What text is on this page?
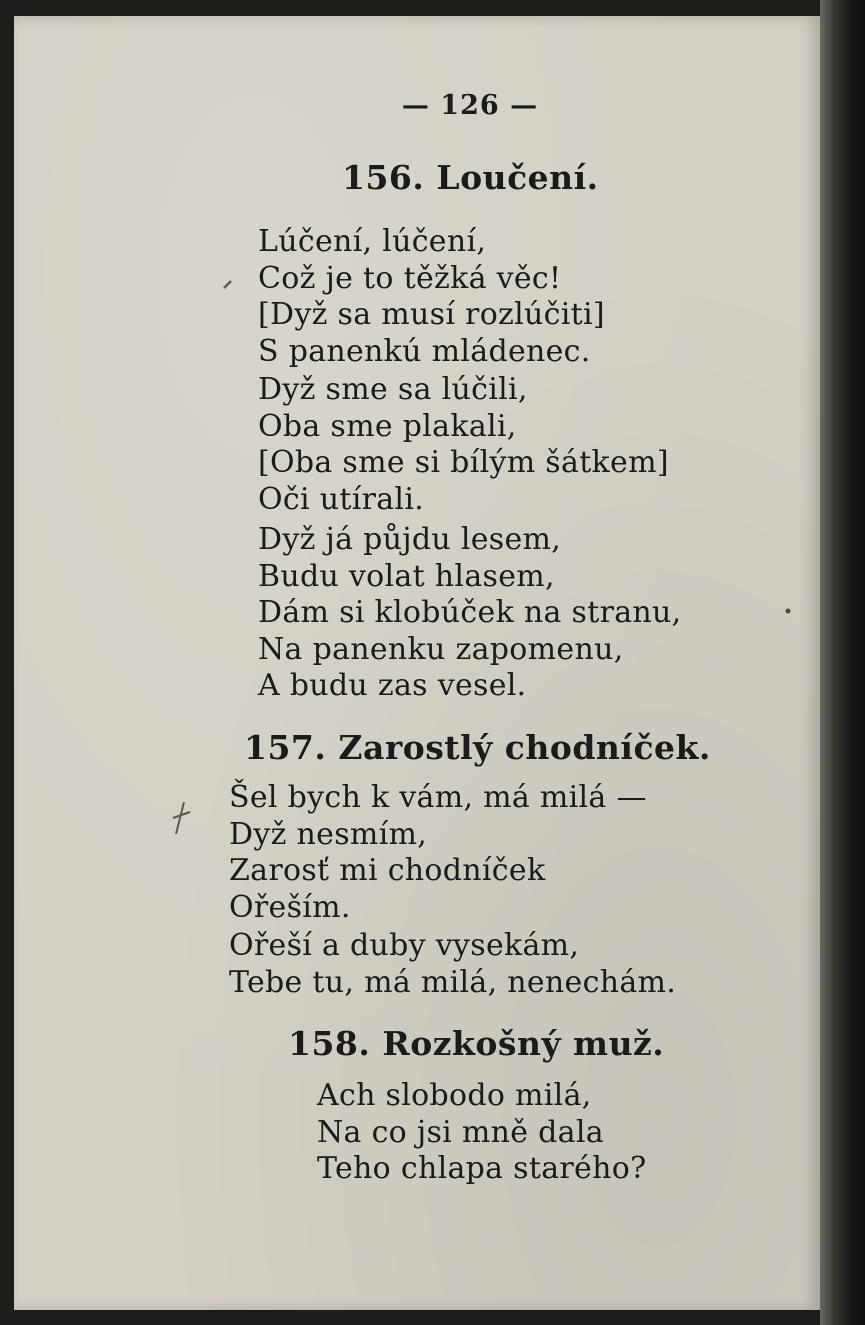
— 126 —

156. Loučení.

Lúčení, lúčení,
Což je to těžká věc!
[Dyž sa musí rozlúčiti]
S panenkú mládenec.
Dyž sme sa lúčili,
Oba sme plakali,
[Oba sme si bílým šátkem]
Oči utírali.
Dyž já půjdu lesem,
Budu volat hlasem,
Dám si klobúček na stranu,
Na panenku zapomenu,
A budu zas vesel.

157. Zarostlý chodníček.

Šel bych k vám, má milá —
Dyž nesmím,
Zarosť mi chodníček
Ořeším.
Ořeší a duby vysekám,
Tebe tu, má milá, nenechám.

158. Rozkošný muž.

Ach slobodo milá,
Na co jsi mně dala
Teho chlapa starého?
